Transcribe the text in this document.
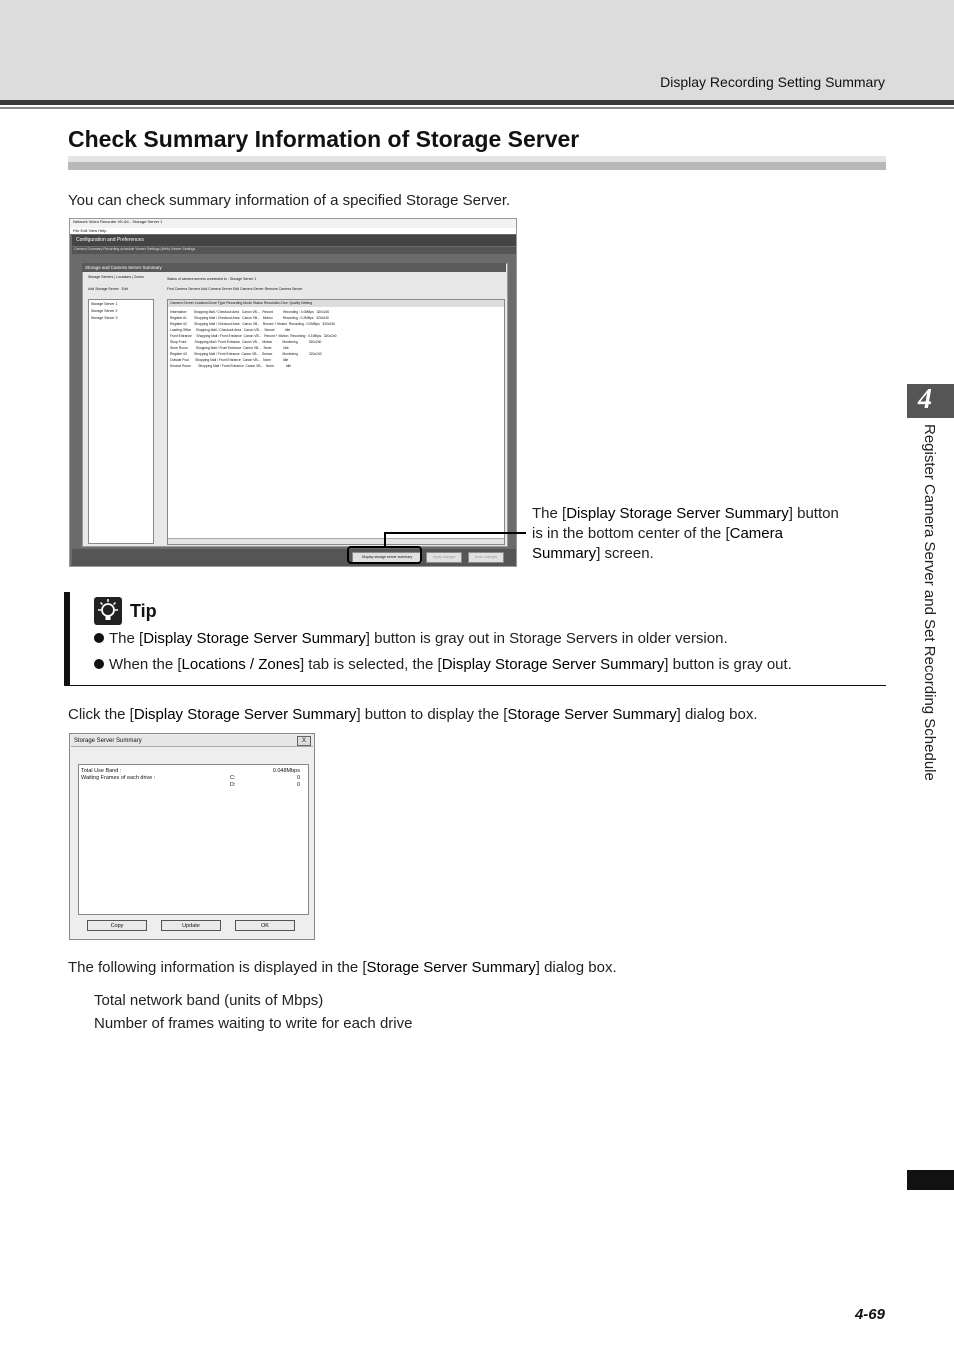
Display Recording Setting Summary
Check Summary Information of Storage Server
You can check summary information of a specified Storage Server.
Network Video Recorder VK-64 - Storage Server 1
File Edit View Help
Configuration and Preferences
Camera Summary Recording schedule Viewer Settings (Web) Viewer Settings
Storage and Camera Server Summary
Storage Servers | Locations | Zones
Add Storage Server   Edit
Status of camera servers connected to : Storage Server 1
Find Camera Servers Add Camera Server Edit Camera Server Remove Camera Server
Storage Server 1
Storage Server 2
Storage Server 3
Camera Server Location/Zone Type Recording Mode Status Resolution Dev. Quality Setting
Information        Shopping Mall / Checkout Area   Canon VB...   Record           Recording : 0.0MBps   320x240
Register #1        Shopping Mall / Checkout Area   Canon VB...   Motion           Recording : 0.2MBps   320x240
Register #2        Shopping Mall / Checkout Area   Canon VB...   Record + Motion  Recording : 0.0MBps   320x240
Loading Office     Shopping Mall / Checkout Area   Canon VB...   Sensor           Idle
Front Entrance     Shopping Mall / Front Entrance  Canon VB...   Record + Motion  Recording : 0.1MBps   320x240
Shop Front         Shopping Mall / Front Entrance  Canon VB...   Motion           Monitoring            320x240
Store Room         Shopping Mall / Front Entrance  Canon VB...   None             Idle
Register #3        Shopping Mall / Front Entrance  Canon VB...   Sensor           Monitoring            320x240
Outside Pool       Shopping Mall / Front Entrance  Canon VB...   None             Idle
Kinome Room        Shopping Mall / Front Entrance  Canon VB...   None             Idle
Display storage server summary	Apply changes	Undo changes
The [Display Storage Server Summary] button is in the bottom center of the [Camera Summary] screen.
Tip
The [Display Storage Server Summary] button is gray out in Storage Servers in older version.
When the [Locations / Zones] tab is selected, the [Display Storage Server Summary] button is gray out.
Click the [Display Storage Server Summary] button to display the [Storage Server Summary] dialog box.
Storage Server Summary	X
Total Use Band :	0.048Mbps
Waiting Frames of each drive :	C:	0
D:	0
Copy	Update	OK
The following information is displayed in the [Storage Server Summary] dialog box.
Total network band (units of Mbps)
Number of frames waiting to write for each drive
4
Register Camera Server and Set Recording Schedule
4-69
